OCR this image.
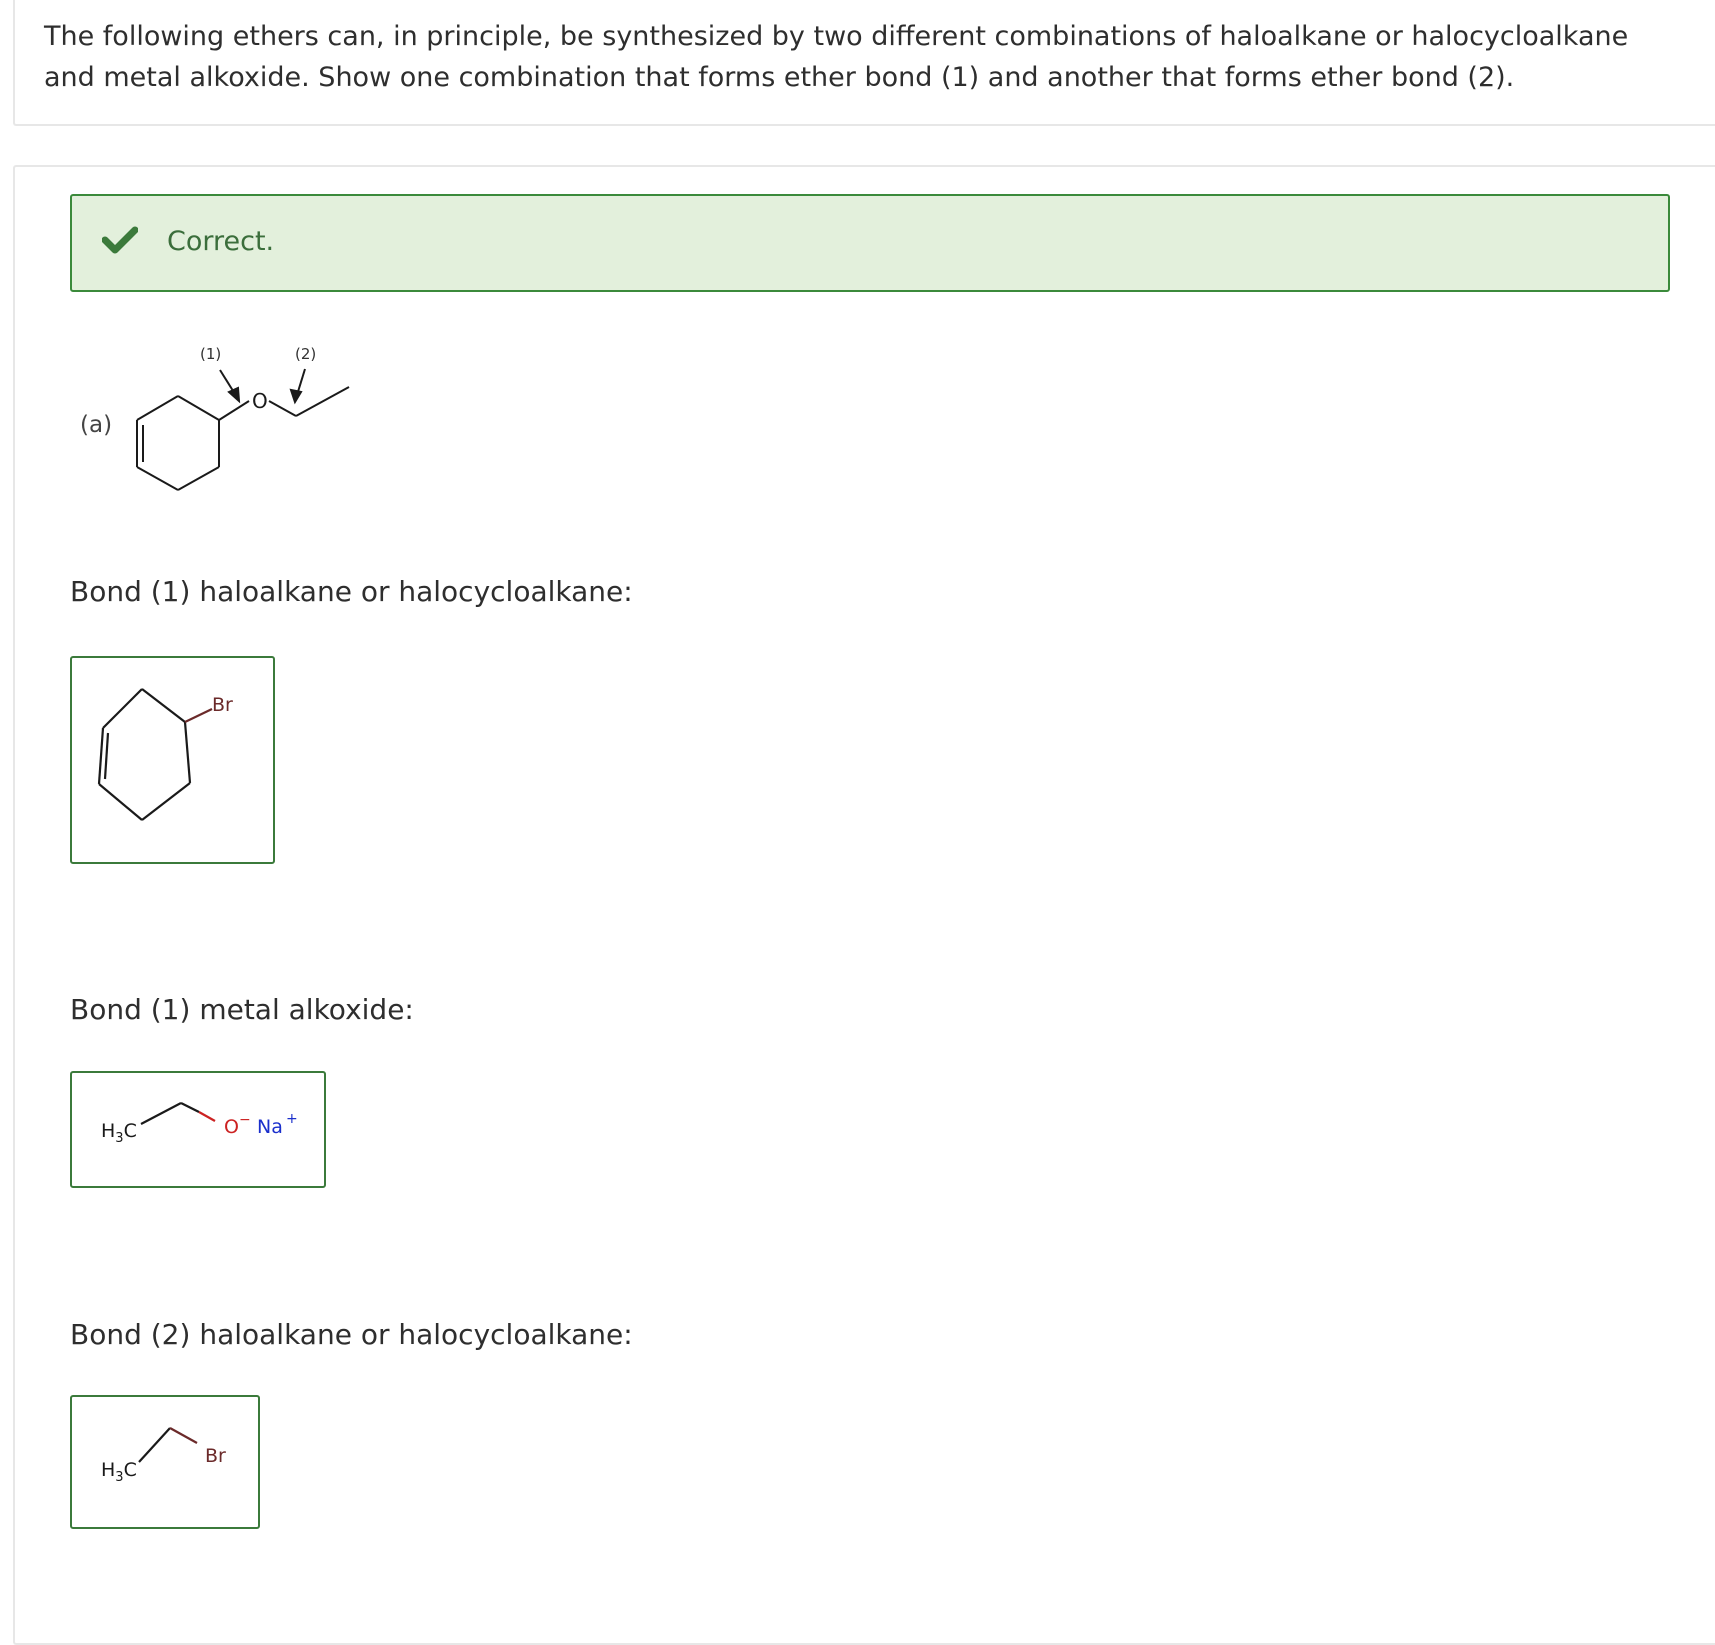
The following ethers can, in principle, be synthesized by two different combinations of haloalkane or halocycloalkane and metal alkoxide. Show one combination that forms ether bond (1) and another that forms ether bond (2).

Correct.
(a)
O
(1)	(2)
Bond (1) haloalkane or halocycloalkane:
Br
Bond (1) metal alkoxide:
$H_3C$	O − Na +
Bond (2) haloalkane or halocycloalkane:
$H_3C$
Br
